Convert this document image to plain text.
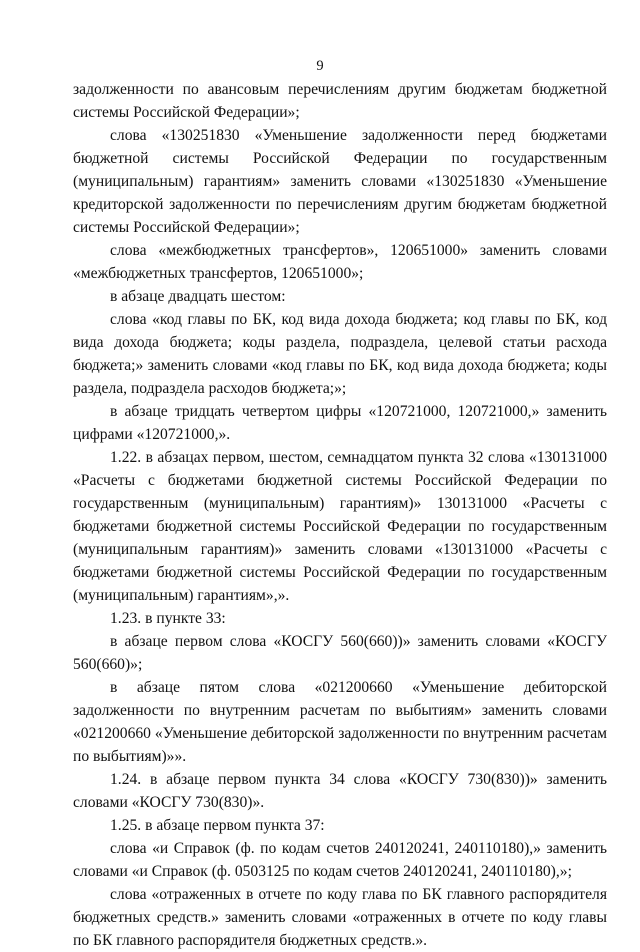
9

задолженности по авансовым перечислениям другим бюджетам бюджетной системы Российской Федерации»;

слова «130251830 «Уменьшение задолженности перед бюджетами бюджетной системы Российской Федерации по государственным (муниципальным) гарантиям» заменить словами «130251830 «Уменьшение кредиторской задолженности по перечислениям другим бюджетам бюджетной системы Российской Федерации»;

слова «межбюджетных трансфертов», 120651000» заменить словами «межбюджетных трансфертов, 120651000»;

в абзаце двадцать шестом:

слова «код главы по БК, код вида дохода бюджета; код главы по БК, код вида дохода бюджета; коды раздела, подраздела, целевой статьи расхода бюджета;» заменить словами «код главы по БК, код вида дохода бюджета; коды раздела, подраздела расходов бюджета;»;

в абзаце тридцать четвертом цифры «120721000, 120721000,» заменить цифрами «120721000,».

1.22. в абзацах первом, шестом, семнадцатом пункта 32 слова «130131000 «Расчеты с бюджетами бюджетной системы Российской Федерации по государственным (муниципальным) гарантиям)» 130131000 «Расчеты с бюджетами бюджетной системы Российской Федерации по государственным (муниципальным гарантиям)» заменить словами «130131000 «Расчеты с бюджетами бюджетной системы Российской Федерации по государственным (муниципальным) гарантиям»,».

1.23. в пункте 33:

в абзаце первом слова «КОСГУ 560(660))» заменить словами «КОСГУ 560(660)»;

в абзаце пятом слова «021200660 «Уменьшение дебиторской задолженности по внутренним расчетам по выбытиям» заменить словами «021200660 «Уменьшение дебиторской задолженности по внутренним расчетам по выбытиям)»».

1.24. в абзаце первом пункта 34 слова «КОСГУ 730(830))» заменить словами «КОСГУ 730(830)».

1.25. в абзаце первом пункта 37:

слова «и Справок (ф. по кодам счетов 240120241, 240110180),» заменить словами «и Справок (ф. 0503125 по кодам счетов 240120241, 240110180),»;

слова «отраженных в отчете по коду глава по БК главного распорядителя бюджетных средств.» заменить словами «отраженных в отчете по коду главы по БК главного распорядителя бюджетных средств.».
